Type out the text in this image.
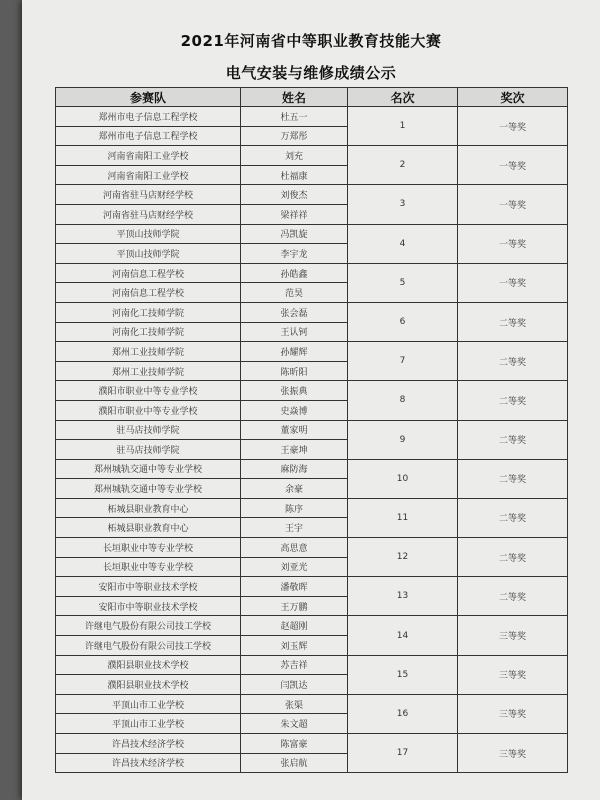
2021年河南省中等职业教育技能大赛
电气安装与维修成绩公示
参赛队	姓名	名次	奖次
郑州市电子信息工程学校	杜五一	1	一等奖
郑州市电子信息工程学校	万郑彤		
河南省南阳工业学校	刘充	2	一等奖
河南省南阳工业学校	杜福康		
河南省驻马店财经学校	刘俊杰	3	一等奖
河南省驻马店财经学校	梁祥祥		
平顶山技师学院	冯凯旋	4	一等奖
平顶山技师学院	李宇龙		
河南信息工程学校	孙皓鑫	5	一等奖
河南信息工程学校	范昊		
河南化工技师学院	张会磊	6	二等奖
河南化工技师学院	王认钶		
郑州工业技师学院	孙耀辉	7	二等奖
郑州工业技师学院	陈昕阳		
濮阳市职业中等专业学校	张振典	8	二等奖
濮阳市职业中等专业学校	史焱博		
驻马店技师学院	董家明	9	二等奖
驻马店技师学院	王豪坤		
郑州城轨交通中等专业学校	麻防海	10	二等奖
郑州城轨交通中等专业学校	余豪		
柘城县职业教育中心	陈序	11	二等奖
柘城县职业教育中心	王宇		
长垣职业中等专业学校	高思意	12	二等奖
长垣职业中等专业学校	刘亚光		
安阳市中等职业技术学校	潘敬晖	13	二等奖
安阳市中等职业技术学校	王万鹏		
许继电气股份有限公司技工学校	赵超刚	14	三等奖
许继电气股份有限公司技工学校	刘玉辉		
濮阳县职业技术学校	苏吉祥	15	三等奖
濮阳县职业技术学校	闫凯达		
平顶山市工业学校	张渠	16	三等奖
平顶山市工业学校	朱文超		
许昌技术经济学校	陈富豪	17	三等奖
许昌技术经济学校	张启航		
